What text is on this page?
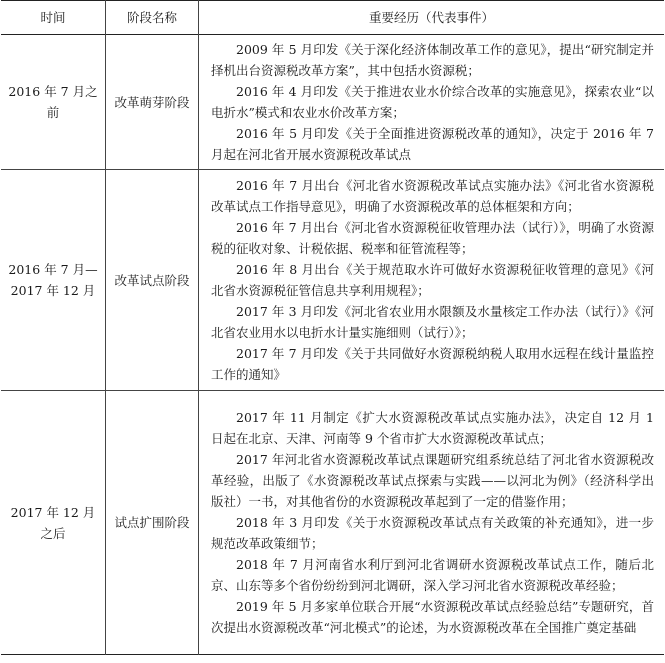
时间	阶段名称	重要经历（代表事件）
2016 年 7 月之前	改革萌芽阶段	2009 年 5 月印发《关于深化经济体制改革工作的意见》，提出“研究制定并择机出台资源税改革方案”，其中包括水资源税；
2016 年 4 月印发《关于推进农业水价综合改革的实施意见》，探索农业“以电折水”模式和农业水价改革方案；
2016 年 5 月印发《关于全面推进资源税改革的通知》，决定于 2016 年 7 月起在河北省开展水资源税改革试点

2016 年 7 月—2017 年 12 月	改革试点阶段	2016 年 7 月出台《河北省水资源税改革试点实施办法》《河北省水资源税改革试点工作指导意见》，明确了水资源税改革的总体框架和方向；
2016 年 7 月出台《河北省水资源税征收管理办法（试行）》，明确了水资源税的征收对象、计税依据、税率和征管流程等；
2016 年 8 月出台《关于规范取水许可做好水资源税征收管理的意见》《河北省水资源税征管信息共享利用规程》；
2017 年 3 月印发《河北省农业用水限额及水量核定工作办法（试行）》《河北省农业用水以电折水计量实施细则（试行）》；
2017 年 7 月印发《关于共同做好水资源税纳税人取用水远程在线计量监控工作的通知》

2017 年 12 月之后	试点扩围阶段	2017 年 11 月制定《扩大水资源税改革试点实施办法》，决定自 12 月 1 日起在北京、天津、河南等 9 个省市扩大水资源税改革试点；
2017 年河北省水资源税改革试点课题研究组系统总结了河北省水资源税改革经验，出版了《水资源税改革试点探索与实践——以河北为例》（经济科学出版社）一书，对其他省份的水资源税改革起到了一定的借鉴作用；
2018 年 3 月印发《关于水资源税改革试点有关政策的补充通知》，进一步规范改革政策细节；
2018 年 7 月河南省水利厅到河北省调研水资源税改革试点工作，随后北京、山东等多个省份纷纷到河北调研，深入学习河北省水资源税改革经验；
2019 年 5 月多家单位联合开展“水资源税改革试点经验总结”专题研究，首次提出水资源税改革“河北模式”的论述，为水资源税改革在全国推广奠定基础
